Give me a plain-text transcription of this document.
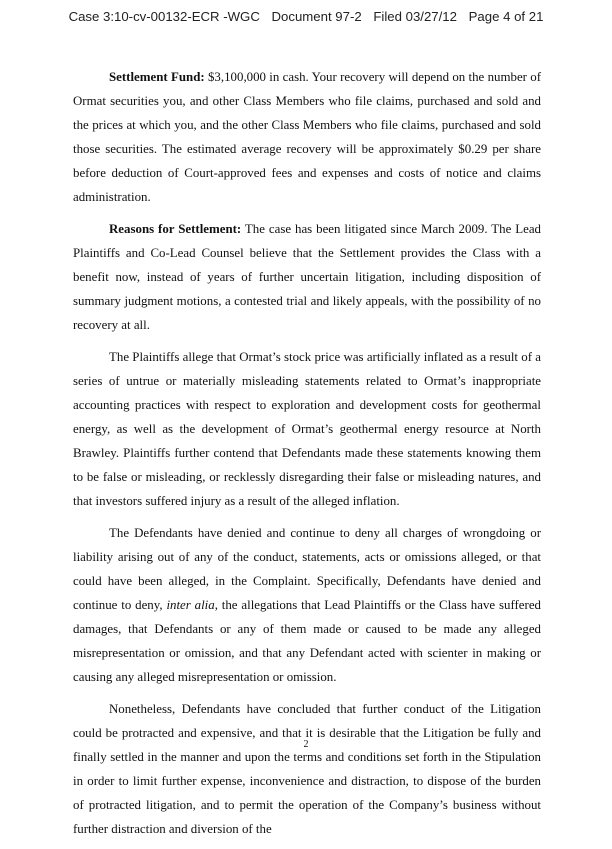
Case 3:10-cv-00132-ECR -WGC Document 97-2 Filed 03/27/12 Page 4 of 21

Settlement Fund: $3,100,000 in cash. Your recovery will depend on the number of Ormat securities you, and other Class Members who file claims, purchased and sold and the prices at which you, and the other Class Members who file claims, purchased and sold those securities. The estimated average recovery will be approximately $0.29 per share before deduction of Court-approved fees and expenses and costs of notice and claims administration.

Reasons for Settlement: The case has been litigated since March 2009. The Lead Plaintiffs and Co-Lead Counsel believe that the Settlement provides the Class with a benefit now, instead of years of further uncertain litigation, including disposition of summary judgment motions, a contested trial and likely appeals, with the possibility of no recovery at all.

The Plaintiffs allege that Ormat’s stock price was artificially inflated as a result of a series of untrue or materially misleading statements related to Ormat’s inappropriate accounting practices with respect to exploration and development costs for geothermal energy, as well as the development of Ormat’s geothermal energy resource at North Brawley. Plaintiffs further contend that Defendants made these statements knowing them to be false or misleading, or recklessly disregarding their false or misleading natures, and that investors suffered injury as a result of the alleged inflation.

The Defendants have denied and continue to deny all charges of wrongdoing or liability arising out of any of the conduct, statements, acts or omissions alleged, or that could have been alleged, in the Complaint. Specifically, Defendants have denied and continue to deny, inter alia, the allegations that Lead Plaintiffs or the Class have suffered damages, that Defendants or any of them made or caused to be made any alleged misrepresentation or omission, and that any Defendant acted with scienter in making or causing any alleged misrepresentation or omission.

Nonetheless, Defendants have concluded that further conduct of the Litigation could be protracted and expensive, and that it is desirable that the Litigation be fully and finally settled in the manner and upon the terms and conditions set forth in the Stipulation in order to limit further expense, inconvenience and distraction, to dispose of the burden of protracted litigation, and to permit the operation of the Company’s business without further distraction and diversion of the

2
